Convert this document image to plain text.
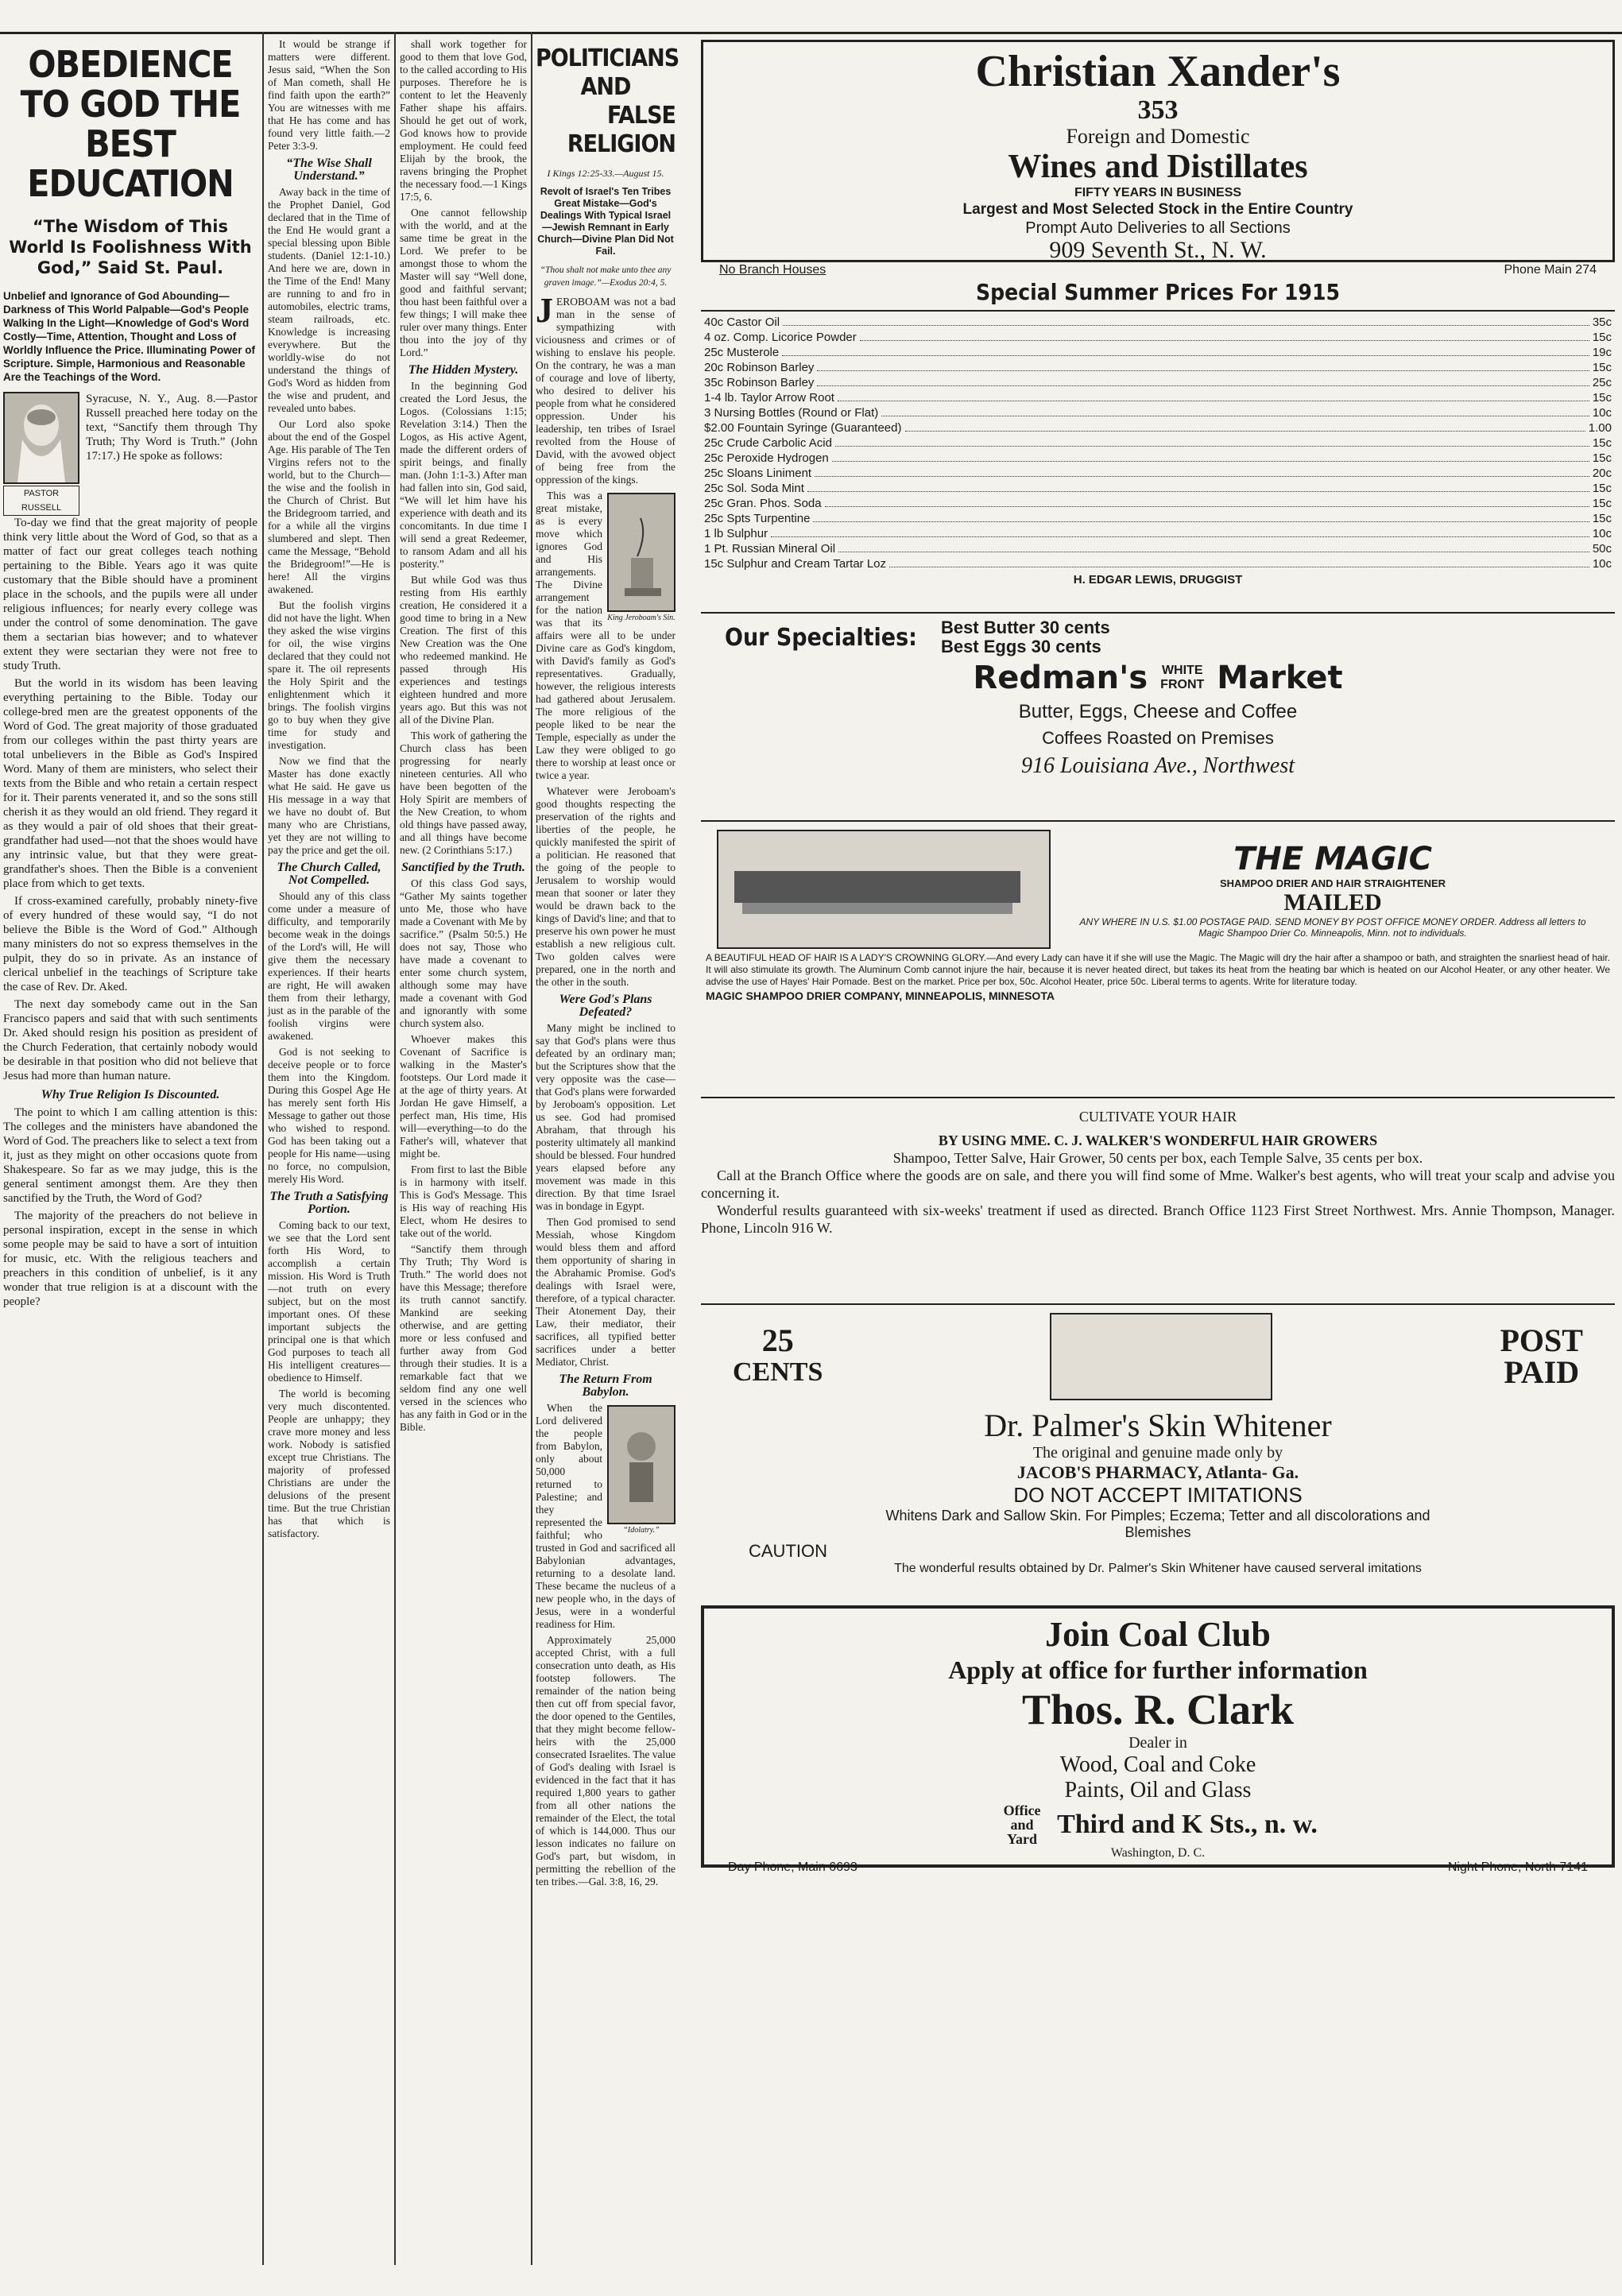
OBEDIENCE TO GOD THE BEST EDUCATION
“The Wisdom of This World Is Foolishness With God,” Said St. Paul.
Unbelief and Ignorance of God Abounding—Darkness of This World Palpable—God's People Walking In the Light—Knowledge of God's Word Costly—Time, Attention, Thought and Loss of Worldly Influence the Price. Illuminating Power of Scripture. Simple, Harmonious and Reasonable Are the Teachings of the Word.
PASTOR RUSSELL
Syracuse, N. Y., Aug. 8.—Pastor Russell preached here today on the text, “Sanctify them through Thy Truth; Thy Word is Truth.” (John 17:17.) He spoke as follows:

To-day we find that the great majority of people think very little about the Word of God, so that as a matter of fact our great colleges teach nothing pertaining to the Bible. Years ago it was quite customary that the Bible should have a prominent place in the schools, and the pupils were all under religious influences; for nearly every college was under the control of some denomination. The gave them a sectarian bias however; and to whatever extent they were sectarian they were not free to study Truth.

But the world in its wisdom has been leaving everything pertaining to the Bible. Today our college-bred men are the greatest opponents of the Word of God. The great majority of those graduated from our colleges within the past thirty years are total unbelievers in the Bible as God's Inspired Word. Many of them are ministers, who select their texts from the Bible and who retain a certain respect for it. Their parents venerated it, and so the sons still cherish it as they would an old friend. They regard it as they would a pair of old shoes that their great-grandfather had used—not that the shoes would have any intrinsic value, but that they were great-grandfather's shoes. Then the Bible is a convenient place from which to get texts.

If cross-examined carefully, probably ninety-five of every hundred of these would say, “I do not believe the Bible is the Word of God.” Although many ministers do not so express themselves in the pulpit, they do so in private. As an instance of clerical unbelief in the teachings of Scripture take the case of Rev. Dr. Aked.

The next day somebody came out in the San Francisco papers and said that with such sentiments Dr. Aked should resign his position as president of the Church Federation, that certainly nobody would be desirable in that position who did not believe that Jesus had more than human nature.

Why True Religion Is Discounted.

The point to which I am calling attention is this: The colleges and the ministers have abandoned the Word of God. The preachers like to select a text from it, just as they might on other occasions quote from Shakespeare. So far as we may judge, this is the general sentiment amongst them. Are they then sanctified by the Truth, the Word of God?

The majority of the preachers do not believe in personal inspiration, except in the sense in which some people may be said to have a sort of intuition for music, etc. With the religious teachers and preachers in this condition of unbelief, is it any wonder that true religion is at a discount with the people?

It would be strange if matters were different. Jesus said, “When the Son of Man cometh, shall He find faith upon the earth?” You are witnesses with me that He has come and has found very little faith.—2 Peter 3:3-9.

“The Wise Shall Understand.”

Away back in the time of the Prophet Daniel, God declared that in the Time of the End He would grant a special blessing upon Bible students. (Daniel 12:1-10.) And here we are, down in the Time of the End! Many are running to and fro in automobiles, electric trams, steam railroads, etc. Knowledge is increasing everywhere. But the worldly-wise do not understand the things of God's Word as hidden from the wise and prudent, and revealed unto babes.

Our Lord also spoke about the end of the Gospel Age. His parable of The Ten Virgins refers not to the world, but to the Church—the wise and the foolish in the Church of Christ. But the Bridegroom tarried, and for a while all the virgins slumbered and slept. Then came the Message, “Behold the Bridegroom!”—He is here! All the virgins awakened.

But the foolish virgins did not have the light. When they asked the wise virgins for oil, the wise virgins declared that they could not spare it. The oil represents the Holy Spirit and the enlightenment which it brings. The foolish virgins go to buy when they give time for study and investigation.

Now we find that the Master has done exactly what He said. He gave us His message in a way that we have no doubt of. But many who are Christians, yet they are not willing to pay the price and get the oil.

The Church Called, Not Compelled.

Should any of this class come under a measure of difficulty, and temporarily become weak in the doings of the Lord's will, He will give them the necessary experiences. If their hearts are right, He will awaken them from their lethargy, just as in the parable of the foolish virgins were awakened.

God is not seeking to deceive people or to force them into the Kingdom. During this Gospel Age He has merely sent forth His Message to gather out those who wished to respond. God has been taking out a people for His name—using no force, no compulsion, merely His Word.

The Truth a Satisfying Portion.

Coming back to our text, we see that the Lord sent forth His Word, to accomplish a certain mission. His Word is Truth—not truth on every subject, but on the most important ones. Of these important subjects the principal one is that which God purposes to teach all His intelligent creatures—obedience to Himself.

The world is becoming very much discontented. People are unhappy; they crave more money and less work. Nobody is satisfied except true Christians. The majority of professed Christians are under the delusions of the present time. But the true Christian has that which is satisfactory.

shall work together for good to them that love God, to the called according to His purposes. Therefore he is content to let the Heavenly Father shape his affairs. Should he get out of work, God knows how to provide employment. He could feed Elijah by the brook, the ravens bringing the Prophet the necessary food.—1 Kings 17:5, 6.

One cannot fellowship with the world, and at the same time be great in the Lord. We prefer to be amongst those to whom the Master will say “Well done, good and faithful servant; thou hast been faithful over a few things; I will make thee ruler over many things. Enter thou into the joy of thy Lord.”

The Hidden Mystery.

In the beginning God created the Lord Jesus, the Logos. (Colossians 1:15; Revelation 3:14.) Then the Logos, as His active Agent, made the different orders of spirit beings, and finally man. (John 1:1-3.) After man had fallen into sin, God said, “We will let him have his experience with death and its concomitants. In due time I will send a great Redeemer, to ransom Adam and all his posterity.”

But while God was thus resting from His earthly creation, He considered it a good time to bring in a New Creation. The first of this New Creation was the One who redeemed mankind. He passed through His experiences and testings eighteen hundred and more years ago. But this was not all of the Divine Plan.

This work of gathering the Church class has been progressing for nearly nineteen centuries. All who have been begotten of the Holy Spirit are members of the New Creation, to whom old things have passed away, and all things have become new. (2 Corinthians 5:17.)

Sanctified by the Truth.

Of this class God says, “Gather My saints together unto Me, those who have made a Covenant with Me by sacrifice.” (Psalm 50:5.) He does not say, Those who have made a covenant to enter some church system, although some may have made a covenant with God and ignorantly with some church system also.

Whoever makes this Covenant of Sacrifice is walking in the Master's footsteps. Our Lord made it at the age of thirty years. At Jordan He gave Himself, a perfect man, His time, His will—everything—to do the Father's will, whatever that might be.

From first to last the Bible is in harmony with itself. This is God's Message. This is His way of reaching His Elect, whom He desires to take out of the world.

“Sanctify them through Thy Truth; Thy Word is Truth.” The world does not have this Message; therefore its truth cannot sanctify. Mankind are seeking otherwise, and are getting more or less confused and further away from God through their studies. It is a remarkable fact that we seldom find any one well versed in the sciences who has any faith in God or in the Bible.

POLITICIANS AND
FALSE RELIGION
I Kings 12:25-33.—August 15.
Revolt of Israel's Ten Tribes Great Mistake—God's Dealings With Typical Israel—Jewish Remnant in Early Church—Divine Plan Did Not Fail.
“Thou shalt not make unto thee any graven image.”—Exodus 20:4, 5.

JEROBOAM was not a bad man in the sense of sympathizing with viciousness and crimes or of wishing to enslave his people. On the contrary, he was a man of courage and love of liberty, who desired to deliver his people from what he considered oppression. Under his leadership, ten tribes of Israel revolted from the House of David, with the avowed object of being free from the oppression of the kings.

King Jeroboam's Sin.

This was a great mistake, as is every move which ignores God and His arrangements. The Divine arrangement for the nation was that its affairs were all to be under Divine care as God's kingdom, with David's family as God's representatives. Gradually, however, the religious interests had gathered about Jerusalem. The more religious of the people liked to be near the Temple, especially as under the Law they were obliged to go there to worship at least once or twice a year.

Whatever were Jeroboam's good thoughts respecting the preservation of the rights and liberties of the people, he quickly manifested the spirit of a politician. He reasoned that the going of the people to Jerusalem to worship would mean that sooner or later they would be drawn back to the kings of David's line; and that to preserve his own power he must establish a new religious cult. Two golden calves were prepared, one in the north and the other in the south.

Were God's Plans Defeated?

Many might be inclined to say that God's plans were thus defeated by an ordinary man; but the Scriptures show that the very opposite was the case—that God's plans were forwarded by Jeroboam's opposition. Let us see. God had promised Abraham, that through his posterity ultimately all mankind should be blessed. Four hundred years elapsed before any movement was made in this direction. By that time Israel was in bondage in Egypt.

Then God promised to send Messiah, whose Kingdom would bless them and afford them opportunity of sharing in the Abrahamic Promise. God's dealings with Israel were, therefore, of a typical character. Their Atonement Day, their Law, their mediator, their sacrifices, all typified better sacrifices under a better Mediator, Christ.

The Return From Babylon.
“Idolatry.”

When the Lord delivered the people from Babylon, only about 50,000 returned to Palestine; and they represented the faithful; who trusted in God and sacrificed all Babylonian advantages, returning to a desolate land. These became the nucleus of a new people who, in the days of Jesus, were in a wonderful readiness for Him.

Approximately 25,000 accepted Christ, with a full consecration unto death, as His footstep followers. The remainder of the nation being then cut off from special favor, the door opened to the Gentiles, that they might become fellow-heirs with the 25,000 consecrated Israelites. The value of God's dealing with Israel is evidenced in the fact that it has required 1,800 years to gather from all other nations the remainder of the Elect, the total of which is 144,000. Thus our lesson indicates no failure on God's part, but wisdom, in permitting the rebellion of the ten tribes.—Gal. 3:8, 16, 29.

Christian Xander's
353
Foreign and Domestic
Wines and Distillates
FIFTY YEARS IN BUSINESS
Largest and Most Selected Stock in the Entire Country
Prompt Auto Deliveries to all Sections
909 Seventh St., N. W.
No Branch Houses	Phone Main 274
Special Summer Prices For 1915
40c Castor Oil	35c
4 oz. Comp. Licorice Powder	15c
25c Musterole	19c
20c Robinson Barley	15c
35c Robinson Barley	25c
1-4 lb. Taylor Arrow Root	15c
3 Nursing Bottles (Round or Flat)	10c
$2.00 Fountain Syringe (Guaranteed)	1.00
25c Crude Carbolic Acid	15c
25c Peroxide Hydrogen	15c
25c Sloans Liniment	20c
25c Sol. Soda Mint	15c
25c Gran. Phos. Soda	15c
25c Spts Turpentine	15c
1 lb Sulphur	10c
1 Pt. Russian Mineral Oil	50c
15c Sulphur and Cream Tartar Loz	10c
H. EDGAR LEWIS, DRUGGIST
Our Specialties: Best Butter 30 cents
Best Eggs 30 cents
Redman's WHITE
FRONT Market
Butter, Eggs, Cheese and Coffee
Coffees Roasted on Premises
916 Louisiana Ave., Northwest
THE MAGIC
SHAMPOO DRIER AND HAIR STRAIGHTENER
MAILED
ANY WHERE IN U.S. $1.00 POSTAGE PAID. SEND MONEY BY POST OFFICE MONEY ORDER. Address all letters to Magic Shampoo Drier Co. Minneapolis, Minn. not to individuals.
A BEAUTIFUL HEAD OF HAIR IS A LADY'S CROWNING GLORY.—And every Lady can have it if she will use the Magic. The Magic will dry the hair after a shampoo or bath, and straighten the snarliest head of hair. It will also stimulate its growth. The Aluminum Comb cannot injure the hair, because it is never heated direct, but takes its heat from the heating bar which is heated on our Alcohol Heater, or any other heater. We advise the use of Hayes' Hair Pomade. Best on the market. Price per box, 50c. Alcohol Heater, price 50c. Liberal terms to agents. Write for literature today.
MAGIC SHAMPOO DRIER COMPANY, MINNEAPOLIS, MINNESOTA
CULTIVATE YOUR HAIR
BY USING MME. C. J. WALKER'S WONDERFUL HAIR GROWERS
Shampoo, Tetter Salve, Hair Grower, 50 cents per box, each Temple Salve, 35 cents per box.
Call at the Branch Office where the goods are on sale, and there you will find some of Mme. Walker's best agents, who will treat your scalp and advise you concerning it.
Wonderful results guaranteed with six-weeks' treatment if used as directed. Branch Office 1123 First Street Northwest. Mrs. Annie Thompson, Manager. Phone, Lincoln 916 W.
25
CENTS
POST
PAID
Dr. Palmer's Skin Whitener
The original and genuine made only by
JACOB'S PHARMACY, Atlanta- Ga.
DO NOT ACCEPT IMITATIONS
Whitens Dark and Sallow Skin. For Pimples; Eczema; Tetter and all discolorations and Blemishes
CAUTION
The wonderful results obtained by Dr. Palmer's Skin Whitener have caused serveral imitations
Join Coal Club
Apply at office for further information
Thos. R. Clark
Dealer in
Wood, Coal and Coke
Paints, Oil and Glass
Office and Yard Third and K Sts., n. w.
Washington, D. C.
Day Phone, Main 6693	Night Phone, North 7141
